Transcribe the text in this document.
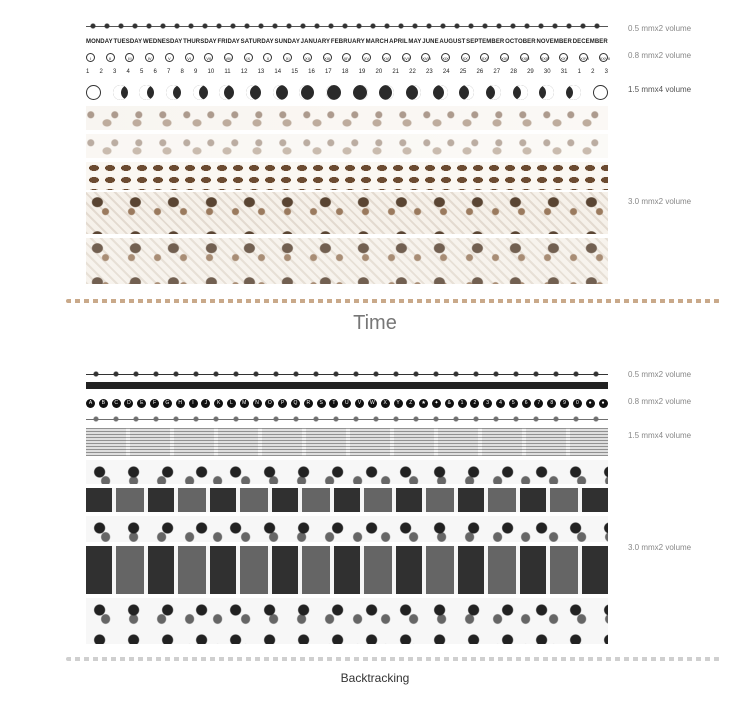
0.5 mmx2 volume
MONDAY TUESDAY WEDNESDAY THURSDAY FRIDAY SATURDAY SUNDAY JANUARY FEBRUARY MARCH APRIL MAY JUNE AUGUST SEPTEMBER OCTOBER NOVEMBER DECEMBER
I	II	III	IV	V	VI	VII	VIII	IX	X	XI	XII	XIII	XIV	XV	XVI	XVII	XVIII	XIX	XX	XXI	XXII	XXIII	XXIV	XXV	XXVI	XXVII 0.8 mmx2 volume
1 2 3 4 5 6 7 8 9 10 11 12 13 14 15 16 17 18 19 20 21 22 23 24 25 26 27 28 29 30 31 1 2 3
1.5 mmx4 volume
3.0 mmx2 volume
Time
0.5 mmx2 volume
A	B	C	D	E	F	G	H	I	J	K	L	M	N	O	P	Q	R	S	T	U	V	W	X	Y	Z	★	✦	&	1	2	3	4	5	6	7	8	9	0	●	●	0.8 mmx2 volume
1.5 mmx4 volume
3.0 mmx2 volume
Backtracking
